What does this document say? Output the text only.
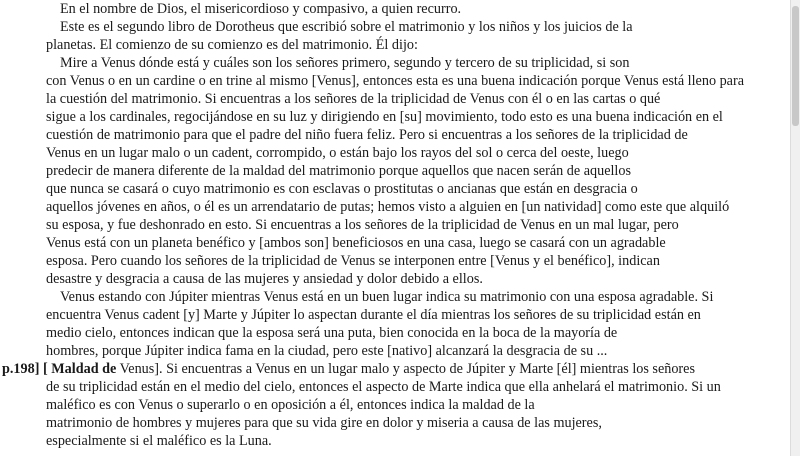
En el nombre de Dios, el misericordioso y compasivo, a quien recurro.
Este es el segundo libro de Dorotheus que escribió sobre el matrimonio y los niños y los juicios de la
planetas. El comienzo de su comienzo es del matrimonio. Él dijo:
Mire a Venus dónde está y cuáles son los señores primero, segundo y tercero de su triplicidad, si son
con Venus o en un cardine o en trine al mismo [Venus], entonces esta es una buena indicación porque Venus está lleno para
la cuestión del matrimonio. Si encuentras a los señores de la triplicidad de Venus con él o en las cartas o qué
sigue a los cardinales, regocijándose en su luz y dirigiendo en [su] movimiento, todo esto es una buena indicación en el
cuestión de matrimonio para que el padre del niño fuera feliz. Pero si encuentras a los señores de la triplicidad de
Venus en un lugar malo o un cadent, corrompido, o están bajo los rayos del sol o cerca del oeste, luego
predecir de manera diferente de la maldad del matrimonio porque aquellos que nacen serán de aquellos
que nunca se casará o cuyo matrimonio es con esclavas o prostitutas o ancianas que están en desgracia o
aquellos jóvenes en años, o él es un arrendatario de putas; hemos visto a alguien en [un natividad] como este que alquiló
su esposa, y fue deshonrado en esto. Si encuentras a los señores de la triplicidad de Venus en un mal lugar, pero
Venus está con un planeta benéfico y [ambos son] beneficiosos en una casa, luego se casará con un agradable
esposa. Pero cuando los señores de la triplicidad de Venus se interponen entre [Venus y el benéfico], indican
desastre y desgracia a causa de las mujeres y ansiedad y dolor debido a ellos.
Venus estando con Júpiter mientras Venus está en un buen lugar indica su matrimonio con una esposa agradable. Si
encuentra Venus cadent [y] Marte y Júpiter lo aspectan durante el día mientras los señores de su triplicidad están en
medio cielo, entonces indican que la esposa será una puta, bien conocida en la boca de la mayoría de
hombres, porque Júpiter indica fama en la ciudad, pero este [nativo] alcanzará la desgracia de su ...
p.198] [ Maldad de Venus]. Si encuentras a Venus en un lugar malo y aspecto de Júpiter y Marte [él] mientras los señores
de su triplicidad están en el medio del cielo, entonces el aspecto de Marte indica que ella anhelará el matrimonio. Si un
maléfico es con Venus o superarlo o en oposición a él, entonces indica la maldad de la
matrimonio de hombres y mujeres para que su vida gire en dolor y miseria a causa de las mujeres,
especialmente si el maléfico es la Luna.
